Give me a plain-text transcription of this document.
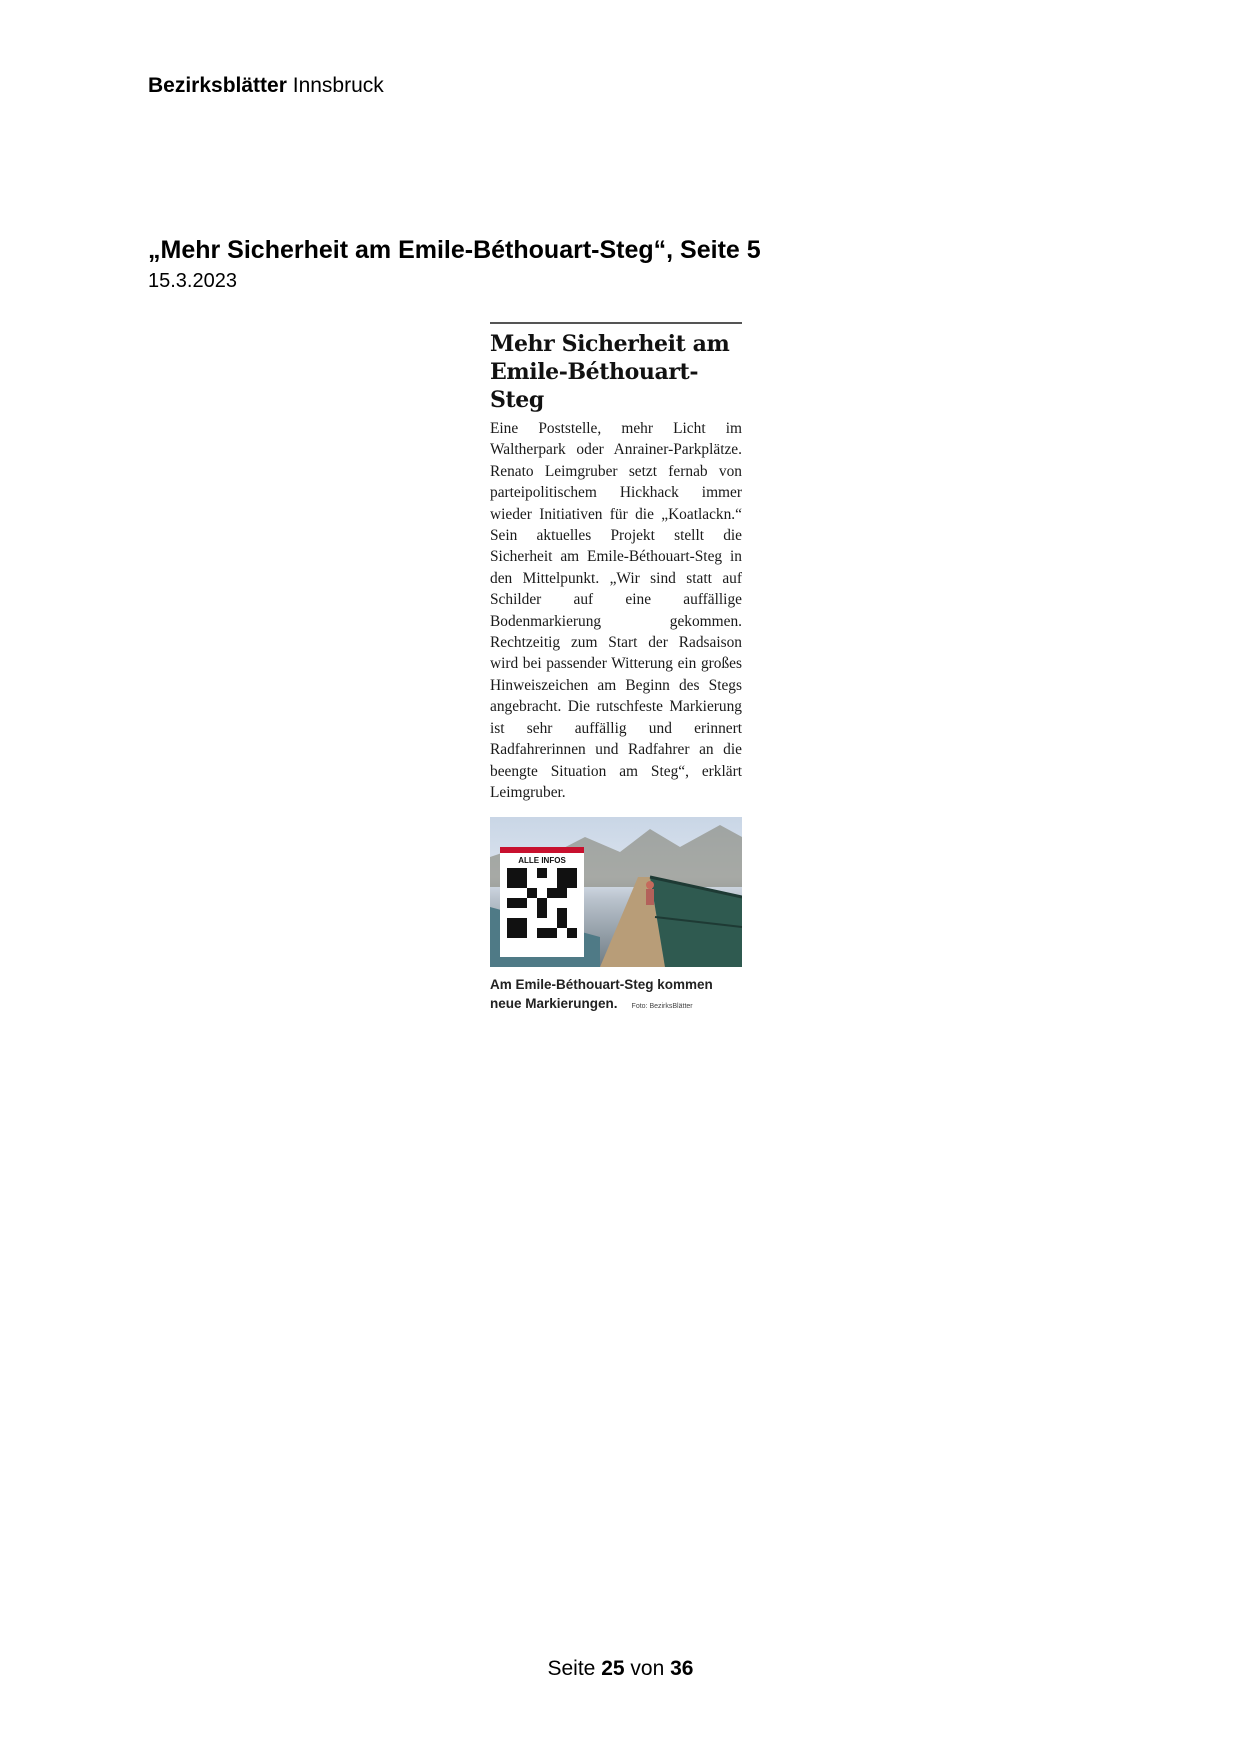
Bezirksblätter Innsbruck
„Mehr Sicherheit am Emile-Béthouart-Steg“, Seite 5
15.3.2023
Mehr Sicherheit am
Emile-Béthouart-Steg
Eine Poststelle, mehr Licht im Waltherpark oder Anrainer-Parkplätze. Renato Leimgruber setzt fernab von parteipolitischem Hickhack immer wieder Initiativen für die „Koatlackn.“ Sein aktuelles Projekt stellt die Sicherheit am Emile-Béthouart-Steg in den Mittelpunkt. „Wir sind statt auf Schilder auf eine auffällige Bodenmarkierung gekommen. Rechtzeitig zum Start der Radsaison wird bei passender Witterung ein großes Hinweiszeichen am Beginn des Stegs angebracht. Die rutschfeste Markierung ist sehr auffällig und erinnert Radfahrerinnen und Radfahrer an die beengte Situation am Steg“, erklärt Leimgruber.
ALLE INFOS
Am Emile-Béthouart-Steg kommen
neue Markierungen. Foto: BezirksBlätter
Seite 25 von 36
